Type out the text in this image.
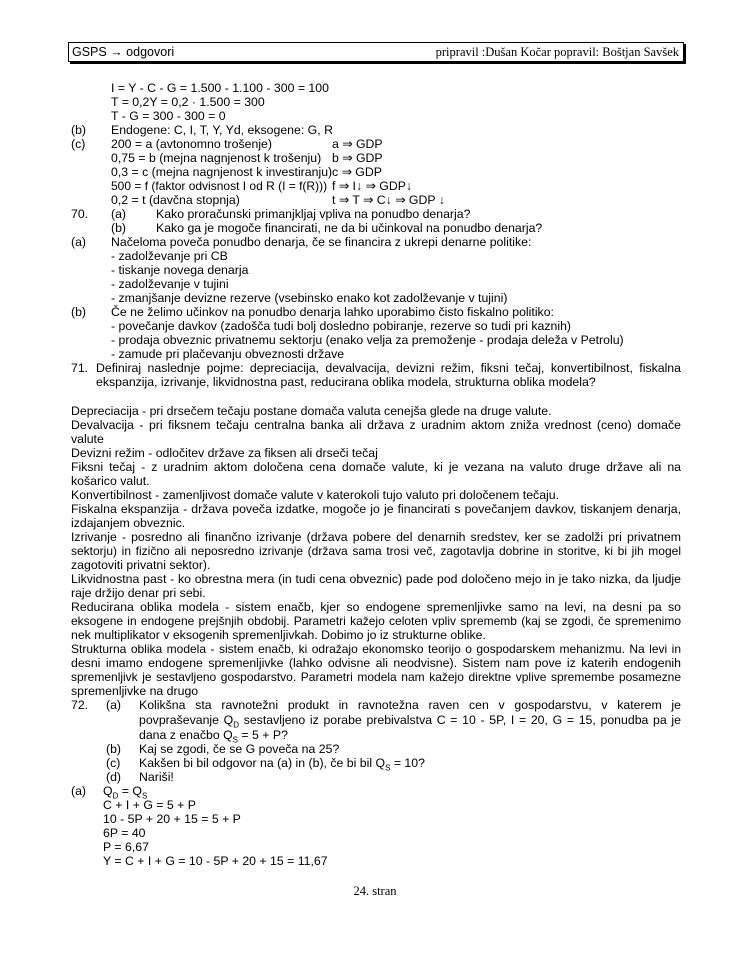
GSPS → odgovori	pripravil :Dušan Kočar popravil: Boštjan Savšek
I = Y - C - G = 1.500 - 1.100 - 300 = 100
T = 0,2Y = 0,2 · 1.500 = 300
T - G = 300 - 300 = 0
(b) Endogene: C, I, T, Y, Yd, eksogene: G, R
(c) 200 = a (avtonomno trošenje)	a ⇒ GDP
0,75 = b (mejna nagnjenost k trošenju) b ⇒ GDP
0,3 = c (mejna nagnjenost k investiranju) c ⇒ GDP
500 = f (faktor odvisnost I od R (I = f(R))) f ⇒ I↓ ⇒ GDP↓
0,2 = t (davčna stopnja)	t ⇒ T ⇒ C↓ ⇒ GDP ↓
70. (a) Kako proračunski primanjkljaj vpliva na ponudbo denarja?
(b) Kako ga je mogoče financirati, ne da bi učinkoval na ponudbo denarja?
(a) Načeloma poveča ponudbo denarja, če se financira z ukrepi denarne politike:
- zadolževanje pri CB
- tiskanje novega denarja
- zadolževanje v tujini
- zmanjšanje devizne rezerve (vsebinsko enako kot zadolževanje v tujini)
(b) Če ne želimo učinkov na ponudbo denarja lahko uporabimo čisto fiskalno politiko:
- povečanje davkov (zadošča tudi bolj dosledno pobiranje, rezerve so tudi pri kaznih)
- prodaja obveznic privatnemu sektorju (enako velja za premoženje - prodaja deleža v Petrolu)
- zamude pri plačevanju obveznosti države
71. Definiraj naslednje pojme: depreciacija, devalvacija, devizni režim, fiksni tečaj, konvertibilnost, fiskalna
ekspanzija, izrivanje, likvidnostna past, reducirana oblika modela, strukturna oblika modela?
Depreciacija - pri drsečem tečaju postane domača valuta cenejša glede na druge valute.
Devalvacija - pri fiksnem tečaju centralna banka ali država z uradnim aktom zniža vrednost (ceno) domače
valute
Devizni režim - odločitev države za fiksen ali drseči tečaj
Fiksni tečaj - z uradnim aktom določena cena domače valute, ki je vezana na valuto druge države ali na
košarico valut.
Konvertibilnost - zamenljivost domače valute v katerokoli tujo valuto pri določenem tečaju.
Fiskalna ekspanzija - država poveča izdatke, mogoče jo je financirati s povečanjem davkov, tiskanjem denarja,
izdajanjem obveznic.
Izrivanje - posredno ali finančno izrivanje (država pobere del denarnih sredstev, ker se zadolži pri privatnem
sektorju) in fizično ali neposredno izrivanje (država sama trosi več, zagotavlja dobrine in storitve, ki bi jih mogel
zagotoviti privatni sektor).
Likvidnostna past - ko obrestna mera (in tudi cena obveznic) pade pod določeno mejo in je tako nizka, da ljudje
raje držijo denar pri sebi.
Reducirana oblika modela - sistem enačb, kjer so endogene spremenljivke samo na levi, na desni pa so
eksogene in endogene prejšnjih obdobij. Parametri kažejo celoten vpliv sprememb (kaj se zgodi, če spremenimo
nek multiplikator v eksogenih spremenljivkah. Dobimo jo iz strukturne oblike.
Strukturna oblika modela - sistem enačb, ki odražajo ekonomsko teorijo o gospodarskem mehanizmu. Na levi in
desni imamo endogene spremenljivke (lahko odvisne ali neodvisne). Sistem nam pove iz katerih endogenih
spremenljivk je sestavljeno gospodarstvo. Parametri modela nam kažejo direktne vplive spremembe posamezne
spremenljivke na drugo
72. (a) Kolikšna sta ravnotežni produkt in ravnotežna raven cen v gospodarstvu, v katerem je
povpraševanje $Q_D$ sestavljeno iz porabe prebivalstva C = 10 - 5P, I = 20, G = 15, ponudba pa je
dana z enačbo $Q_S = 5 + P$?
(b) Kaj se zgodi, če se G poveča na 25?
(c) Kakšen bi bil odgovor na (a) in (b), če bi bil $Q_S = 10$?
(d) Nariši!
(a) $Q_D = Q_S$
C + I + G = 5 + P
10 - 5P + 20 + 15 = 5 + P
6P = 40
P = 6,67
Y = C + I + G = 10 - 5P + 20 + 15 = 11,67
24. stran
